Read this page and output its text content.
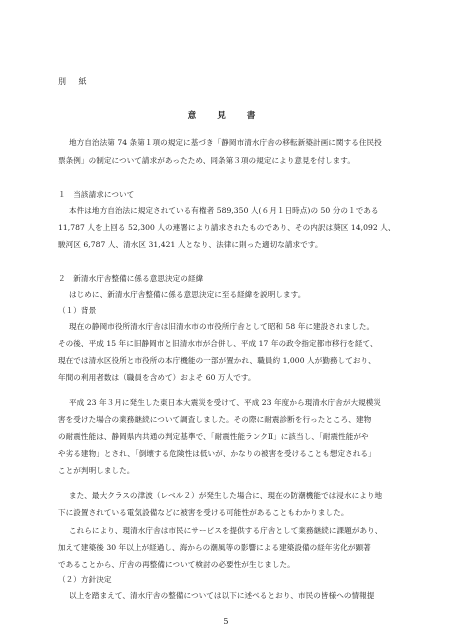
別 紙
意 見 書
地方自治法第 74 条第１項の規定に基づき「静岡市清水庁舎の移転新築計画に関する住民投
票条例」の制定について請求があったため、同条第３項の規定により意見を付します。
１　当該請求について
本件は地方自治法に規定されている有権者 589,350 人(６月１日時点)の 50 分の１である
11,787 人を上回る 52,300 人の連署により請求されたものであり、その内訳は葵区 14,092 人、
駿河区 6,787 人、清水区 31,421 人となり、法律に則った適切な請求です。
２　新清水庁舎整備に係る意思決定の経緯
はじめに、新清水庁舎整備に係る意思決定に至る経緯を説明します。
（１）背景
現在の静岡市役所清水庁舎は旧清水市の市役所庁舎として昭和 58 年に建設されました。
その後、平成 15 年に旧静岡市と旧清水市が合併し、平成 17 年の政令指定都市移行を経て、
現在では清水区役所と市役所の本庁機能の一部が置かれ、職員約 1,000 人が勤務しており、
年間の利用者数は（職員を含めて）およそ 60 万人です。
平成 23 年３月に発生した東日本大震災を受けて、平成 23 年度から現清水庁舎が大規模災
害を受けた場合の業務継続について調査しました。その際に耐震診断を行ったところ、建物
の耐震性能は、静岡県内共通の判定基準で、「耐震性能ランクⅡ」に該当し、「耐震性能がや
や劣る建物」とされ、「倒壊する危険性は低いが、かなりの被害を受けることも想定される」
ことが判明しました。
また、最大クラスの津波（レベル２）が発生した場合に、現在の防潮機能では浸水により地
下に設置されている電気設備などに被害を受ける可能性があることもわかりました。
これらにより、現清水庁舎は市民にサービスを提供する庁舎として業務継続に課題があり、
加えて建築後 30 年以上が経過し、海からの潮風等の影響による建築設備の経年劣化が顕著
であることから、庁舎の再整備について検討の必要性が生じました。
（２）方針決定
以上を踏まえて、清水庁舎の整備については以下に述べるとおり、市民の皆様への情報提
5
